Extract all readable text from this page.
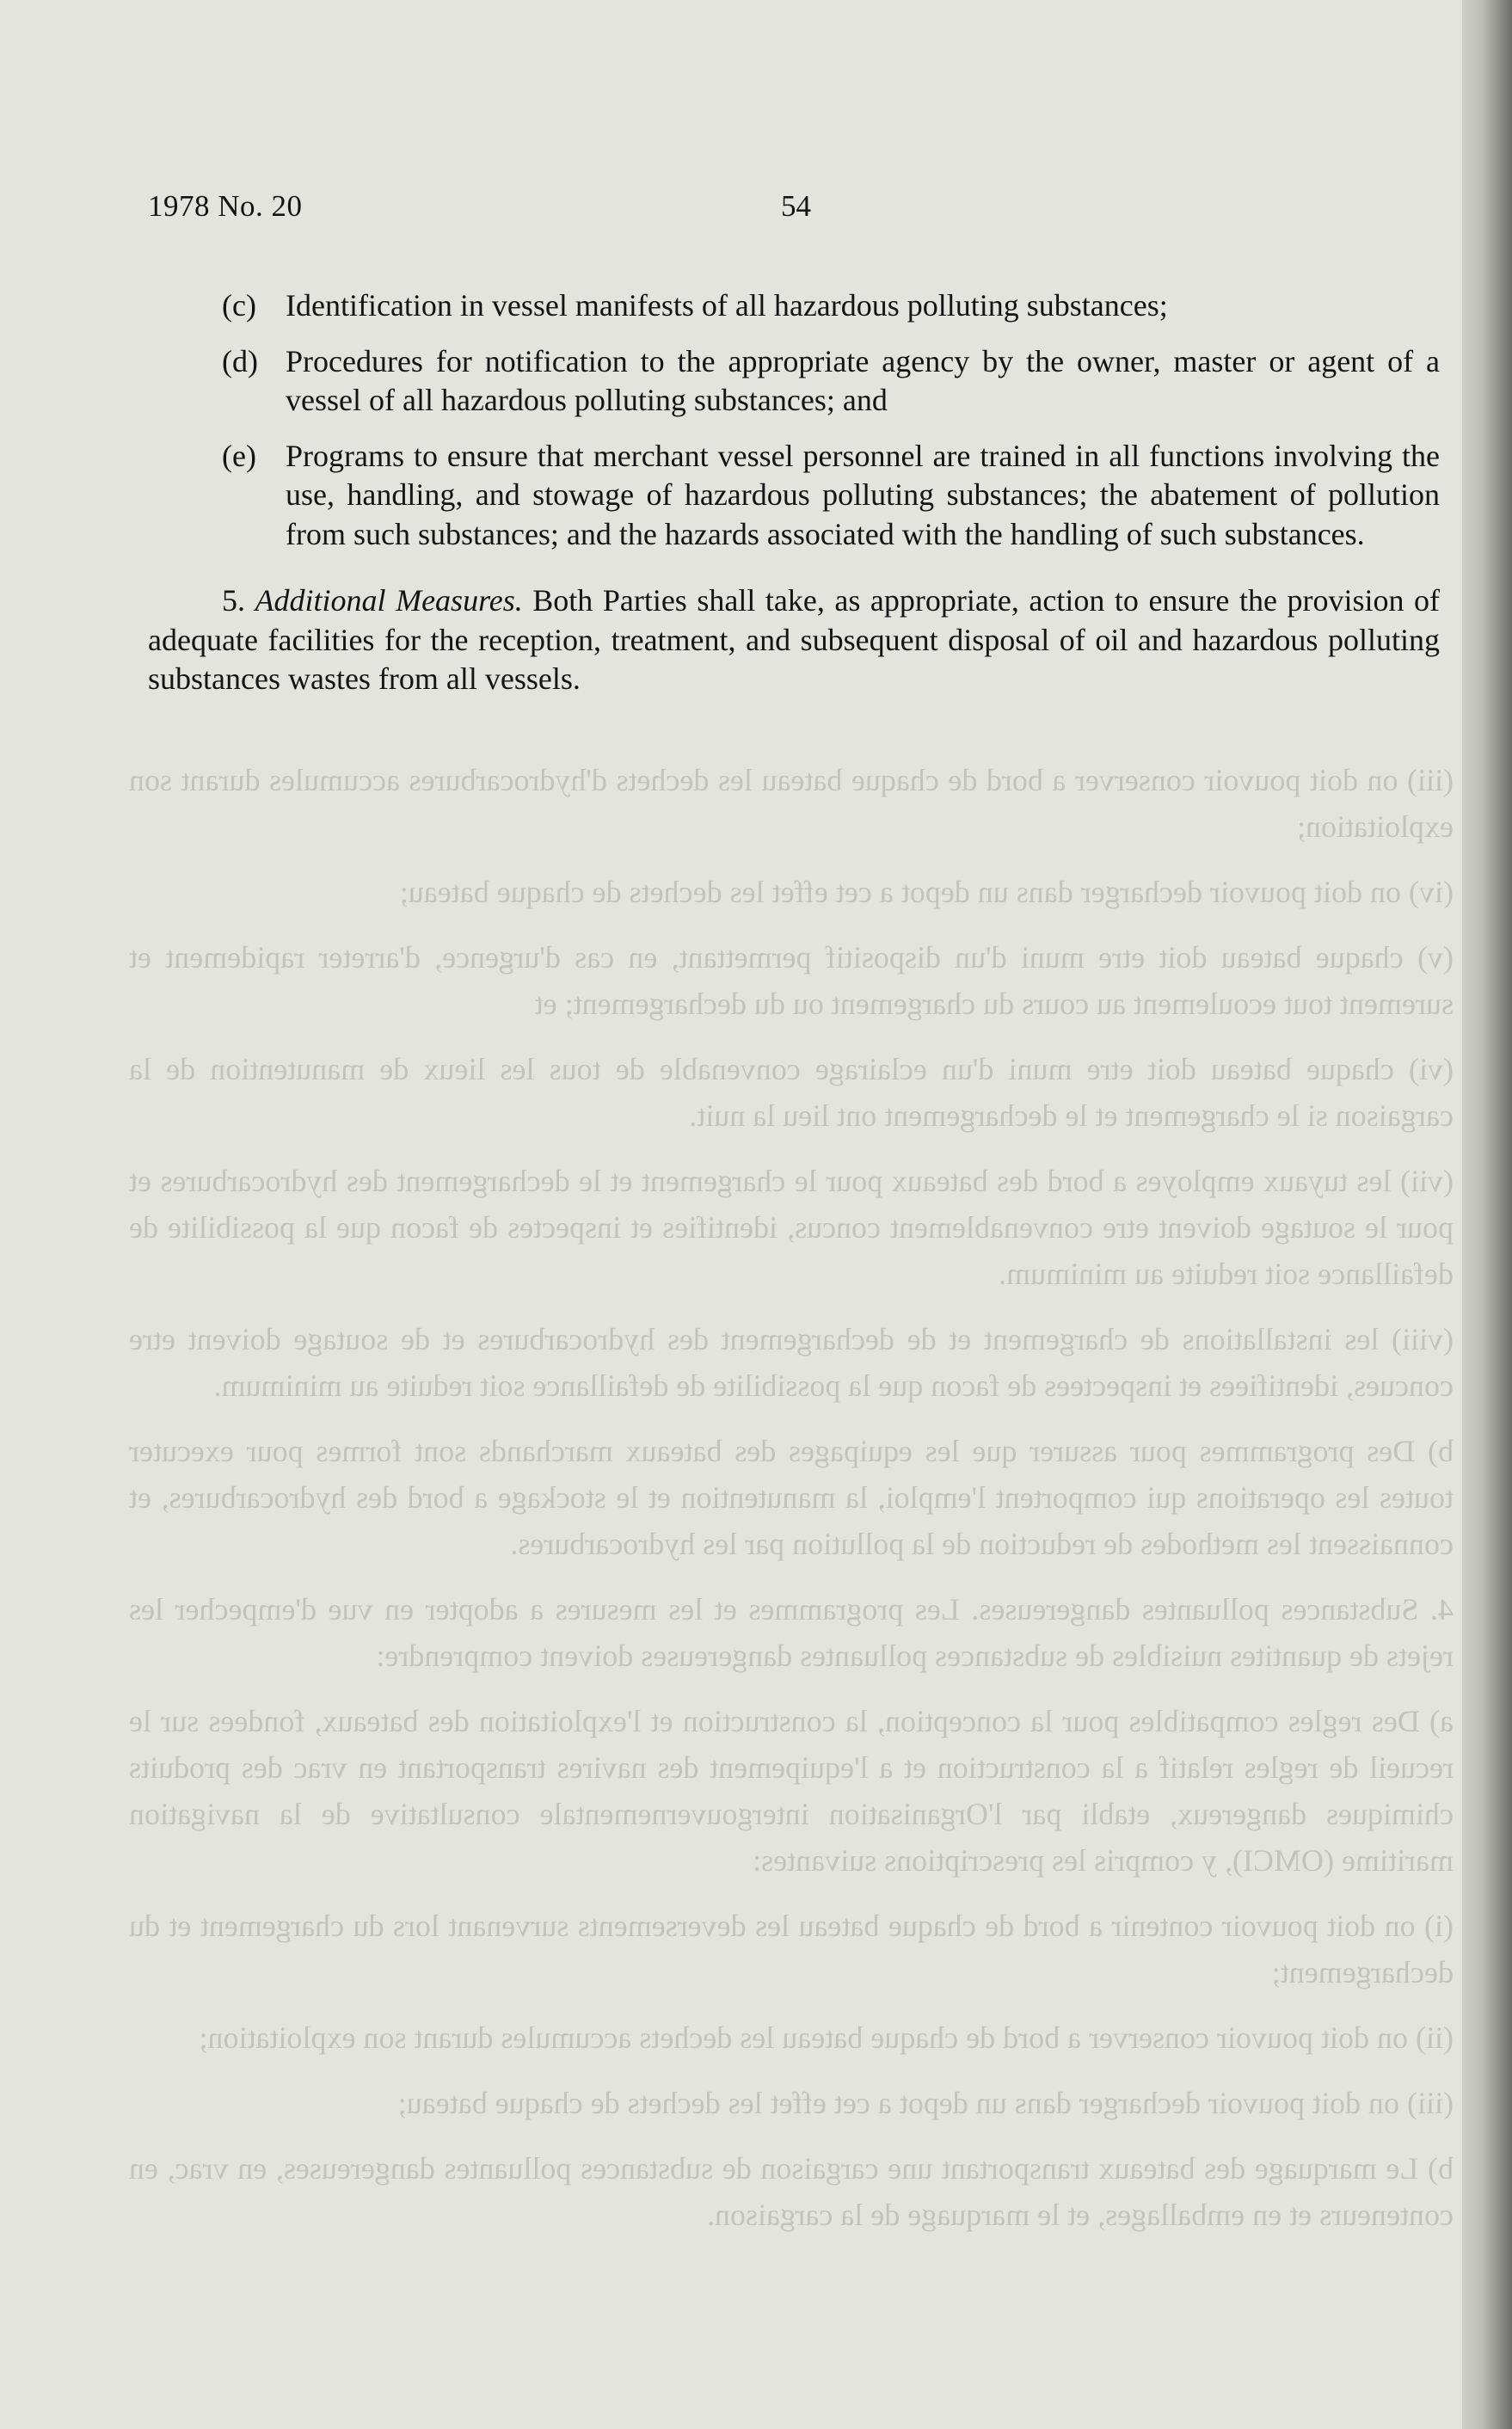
(iii) on doit pouvoir conserver a bord de chaque bateau les dechets d'hydrocarbures accumules durant son exploitation;

(iv) on doit pouvoir decharger dans un depot a cet effet les dechets de chaque bateau;

(v) chaque bateau doit etre muni d'un dispositif permettant, en cas d'urgence, d'arreter rapidement et surement tout ecoulement au cours du chargement ou du dechargement; et

(vi) chaque bateau doit etre muni d'un eclairage convenable de tous les lieux de manutention de la cargaison si le chargement et le dechargement ont lieu la nuit.

(vii) les tuyaux employes a bord des bateaux pour le chargement et le dechargement des hydrocarbures et pour le soutage doivent etre convenablement concus, identifies et inspectes de facon que la possibilite de defaillance soit reduite au minimum.

(viii) les installations de chargement et de dechargement des hydrocarbures et de soutage doivent etre concues, identifiees et inspectees de facon que la possibilite de defaillance soit reduite au minimum.

b) Des programmes pour assurer que les equipages des bateaux marchands sont formes pour executer toutes les operations qui comportent l'emploi, la manutention et le stockage a bord des hydrocarbures, et connaissent les methodes de reduction de la pollution par les hydrocarbures.

4. Substances polluantes dangereuses. Les programmes et les mesures a adopter en vue d'empecher les rejets de quantites nuisibles de substances polluantes dangereuses doivent comprendre:

a) Des regles compatibles pour la conception, la construction et l'exploitation des bateaux, fondees sur le recueil de regles relatif a la construction et a l'equipement des navires transportant en vrac des produits chimiques dangereux, etabli par l'Organisation intergouvernementale consultative de la navigation maritime (OMCI), y compris les prescriptions suivantes:

(i) on doit pouvoir contenir a bord de chaque bateau les deversements survenant lors du chargement et du dechargement;

(ii) on doit pouvoir conserver a bord de chaque bateau les dechets accumules durant son exploitation;

(iii) on doit pouvoir decharger dans un depot a cet effet les dechets de chaque bateau;

b) Le marquage des bateaux transportant une cargaison de substances polluantes dangereuses, en vrac, en conteneurs et en emballages, et le marquage de la cargaison.

1978 No. 20	54
(c) Identification in vessel manifests of all hazardous polluting substances;
(d) Procedures for notification to the appropriate agency by the owner, master or agent of a vessel of all hazardous polluting substances; and
(e) Programs to ensure that merchant vessel personnel are trained in all functions involving the use, handling, and stowage of hazardous polluting substances; the abatement of pollution from such substances; and the hazards associated with the handling of such substances.

5. Additional Measures. Both Parties shall take, as appropriate, action to ensure the provision of adequate facilities for the reception, treatment, and subsequent disposal of oil and hazardous polluting substances wastes from all vessels.
